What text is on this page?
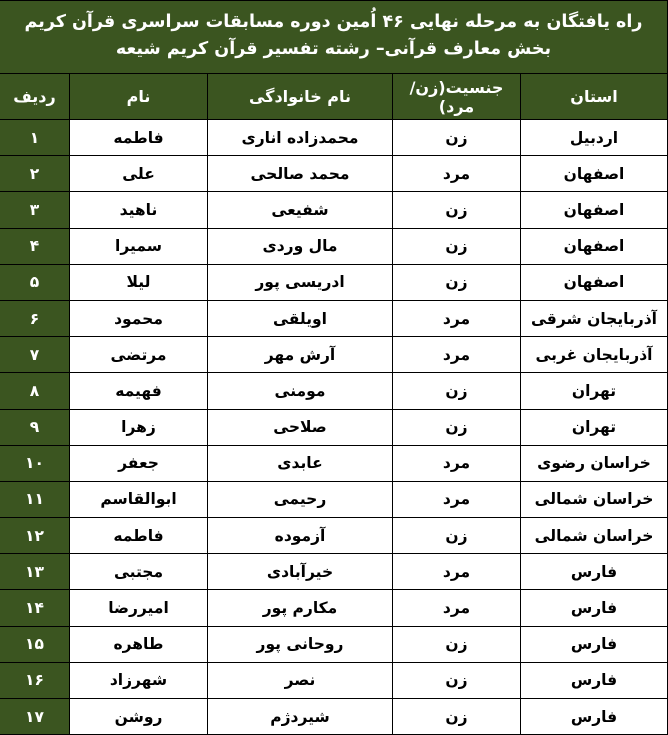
راه یافتگان به مرحله نهایی ۴۶ اُمین دوره مسابقات سراسری قرآن کریم
بخش معارف قرآنی– رشته تفسیر قرآن کریم شیعه				

استان	جنسیت(زن/مرد)	نام خانوادگی	نام	ردیف
اردبیل	زن	محمدزاده اناری	فاطمه	۱
اصفهان	مرد	محمد صالحی	علی	۲
اصفهان	زن	شفیعی	ناهید	۳
اصفهان	زن	مال وردی	سمیرا	۴
اصفهان	زن	ادریسی پور	لیلا	۵
آذربایجان شرقی	مرد	اویلقی	محمود	۶
آذربایجان غربی	مرد	آرش مهر	مرتضی	۷
تهران	زن	مومنی	فهیمه	۸
تهران	زن	صلاحی	زهرا	۹
خراسان رضوی	مرد	عابدی	جعفر	۱۰
خراسان شمالی	مرد	رحیمی	ابوالقاسم	۱۱
خراسان شمالی	زن	آزموده	فاطمه	۱۲
فارس	مرد	خیرآبادی	مجتبی	۱۳
فارس	مرد	مکارم پور	امیررضا	۱۴
فارس	زن	روحانی پور	طاهره	۱۵
فارس	زن	نصر	شهرزاد	۱۶
فارس	زن	شیردژم	روشن	۱۷
